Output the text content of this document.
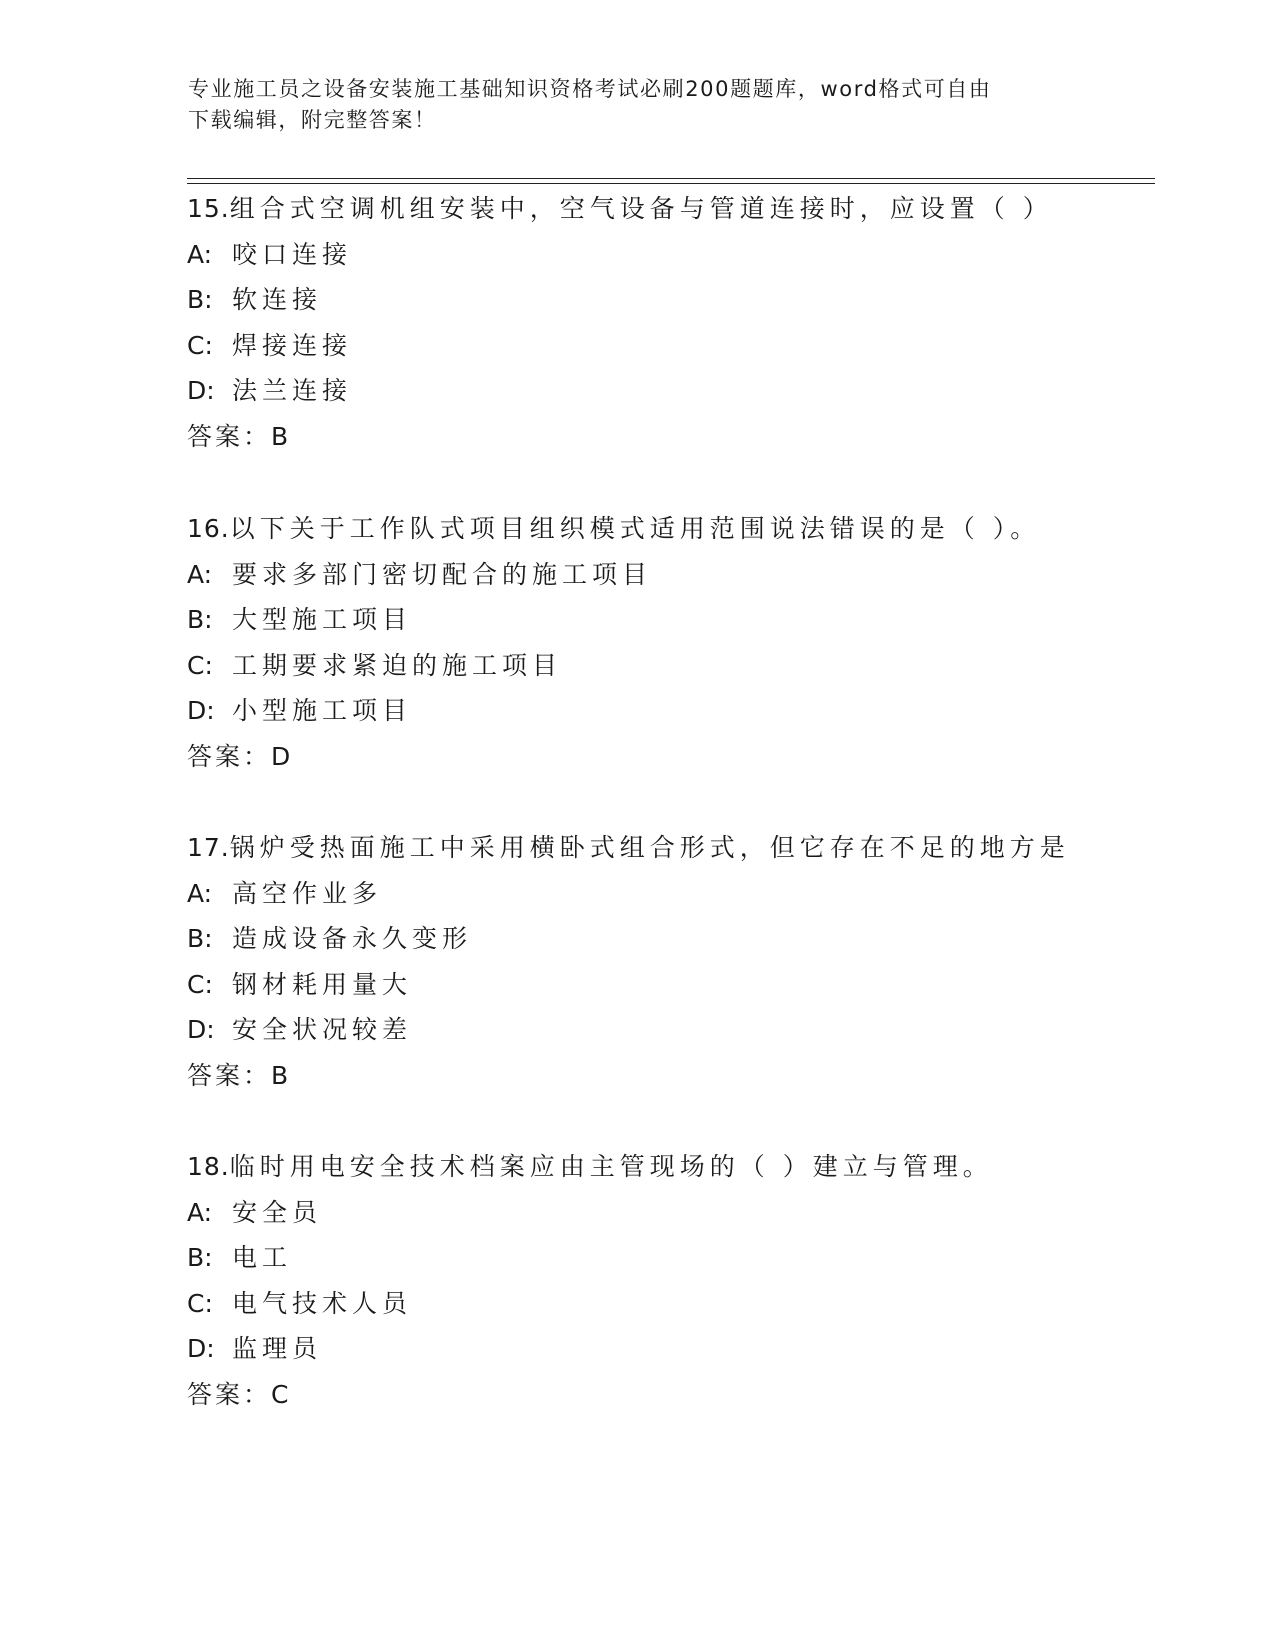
专业施工员之设备安装施工基础知识资格考试必刷200题题库，word格式可自由
下载编辑，附完整答案！
15.组合式空调机组安装中，空气设备与管道连接时，应设置（ ）
A: 咬口连接
B: 软连接
C: 焊接连接
D: 法兰连接
答案：B
16.以下关于工作队式项目组织模式适用范围说法错误的是（ ）。
A: 要求多部门密切配合的施工项目
B: 大型施工项目
C: 工期要求紧迫的施工项目
D: 小型施工项目
答案：D
17.锅炉受热面施工中采用横卧式组合形式，但它存在不足的地方是
A: 高空作业多
B: 造成设备永久变形
C: 钢材耗用量大
D: 安全状况较差
答案：B
18.临时用电安全技术档案应由主管现场的（ ）建立与管理。
A: 安全员
B: 电工
C: 电气技术人员
D: 监理员
答案：C
